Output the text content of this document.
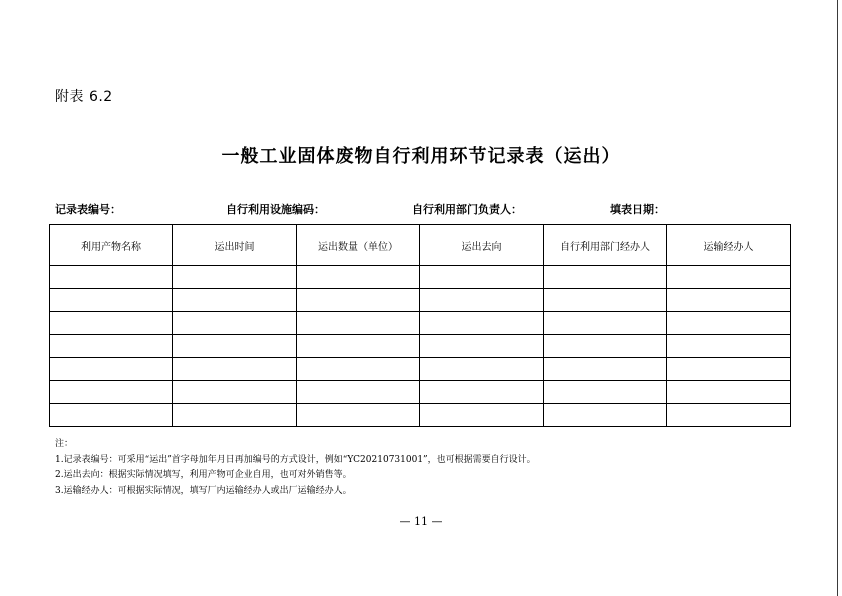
附表 6.2
一般工业固体废物自行利用环节记录表（运出）
记录表编号：	自行利用设施编码：	自行利用部门负责人：	填表日期：
利用产物名称	运出时间	运出数量（单位）	运出去向	自行利用部门经办人	运输经办人

注：
1.记录表编号：可采用“运出”首字母加年月日再加编号的方式设计，例如“YC20210731001”，也可根据需要自行设计。
2.运出去向：根据实际情况填写，利用产物可企业自用，也可对外销售等。
3.运输经办人：可根据实际情况，填写厂内运输经办人或出厂运输经办人。
— 11 —
